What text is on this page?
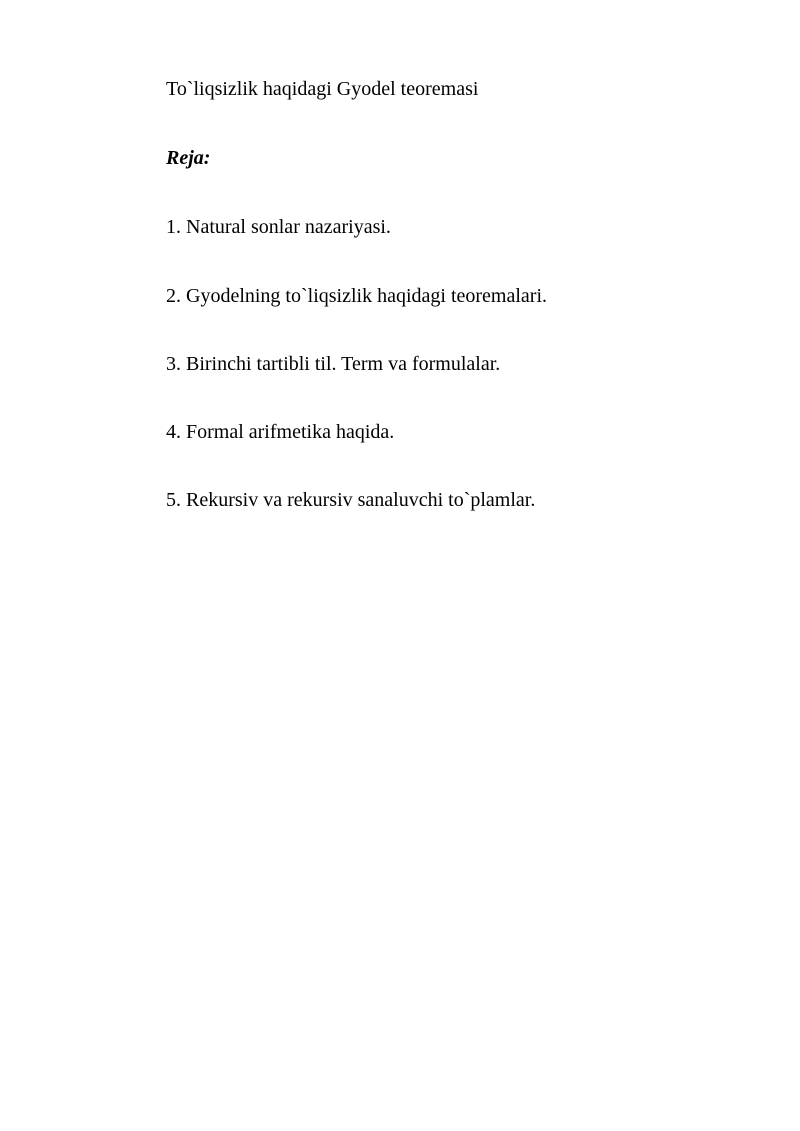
To`liqsizlik haqidagi Gyodel teoremasi
Reja:
1. Natural sonlar nazariyasi.
2. Gyodelning to`liqsizlik haqidagi teoremalari.
3. Birinchi tartibli til. Term va formulalar.
4. Formal arifmetika haqida.
5. Rekursiv va rekursiv sanaluvchi to`plamlar.
